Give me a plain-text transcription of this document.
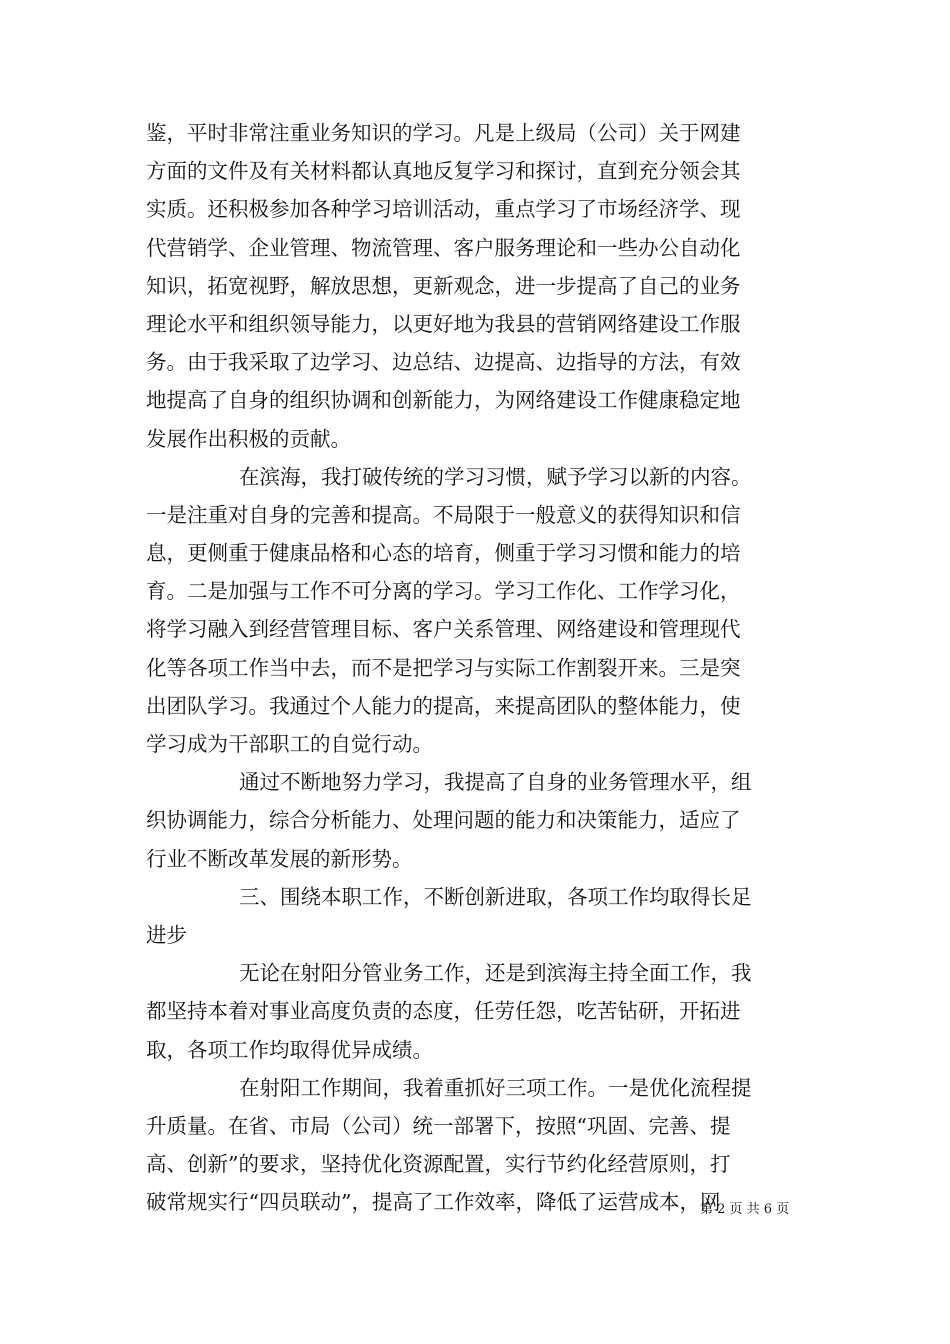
鉴，平时非常注重业务知识的学习。凡是上级局（公司）关于网建
方面的文件及有关材料都认真地反复学习和探讨，直到充分领会其
实质。还积极参加各种学习培训活动，重点学习了市场经济学、现
代营销学、企业管理、物流管理、客户服务理论和一些办公自动化
知识，拓宽视野，解放思想，更新观念，进一步提高了自己的业务
理论水平和组织领导能力，以更好地为我县的营销网络建设工作服
务。由于我采取了边学习、边总结、边提高、边指导的方法，有效
地提高了自身的组织协调和创新能力，为网络建设工作健康稳定地
发展作出积极的贡献。
在滨海，我打破传统的学习习惯，赋予学习以新的内容。
一是注重对自身的完善和提高。不局限于一般意义的获得知识和信
息，更侧重于健康品格和心态的培育，侧重于学习习惯和能力的培
育。二是加强与工作不可分离的学习。学习工作化、工作学习化，
将学习融入到经营管理目标、客户关系管理、网络建设和管理现代
化等各项工作当中去，而不是把学习与实际工作割裂开来。三是突
出团队学习。我通过个人能力的提高，来提高团队的整体能力，使
学习成为干部职工的自觉行动。
通过不断地努力学习，我提高了自身的业务管理水平，组
织协调能力，综合分析能力、处理问题的能力和决策能力，适应了
行业不断改革发展的新形势。
三、围绕本职工作，不断创新进取，各项工作均取得长足
进步
无论在射阳分管业务工作，还是到滨海主持全面工作，我
都坚持本着对事业高度负责的态度，任劳任怨，吃苦钻研，开拓进
取，各项工作均取得优异成绩。
在射阳工作期间，我着重抓好三项工作。一是优化流程提
升质量。在省、市局（公司）统一部署下，按照“巩固、完善、提
高、创新”的要求，坚持优化资源配置，实行节约化经营原则，打
破常规实行“四员联动”，提高了工作效率，降低了运营成本，网
第 2 页 共 6 页
